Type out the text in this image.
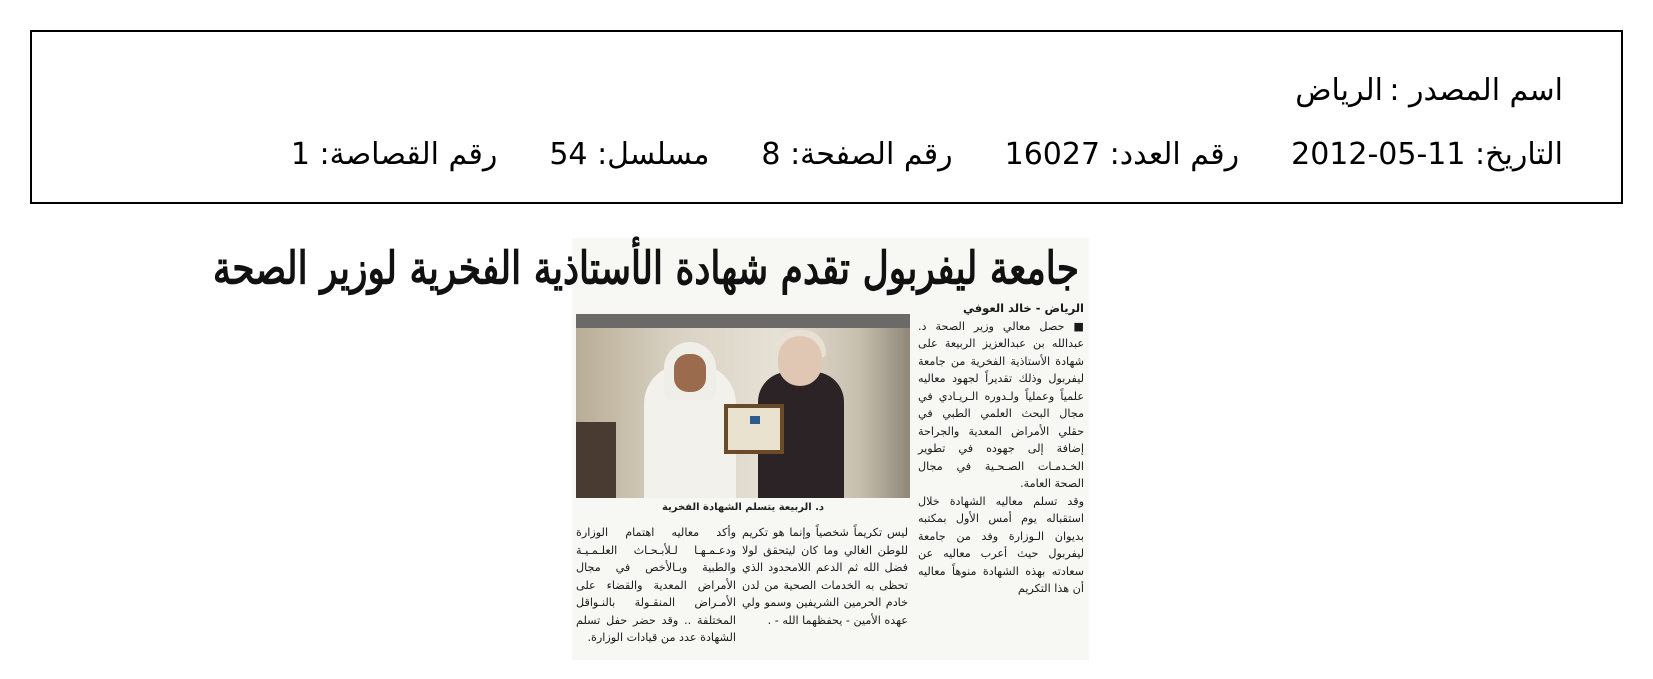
اسم المصدر :
الرياض
التاريخ:

2012-05-11
رقم العدد:

16027
رقم الصفحة:

8
مسلسل:

54
رقم القصاصة:

1
جامعة ليفربول تقدم شهادة الأستاذية الفخرية لوزير الصحة
د. الربيعة يتسلم الشهادة الفخرية

الرياض - خالد العوفي

■ حصل معالي وزير الصحة د. عبدالله بن عبدالعزيز الربيعة على شهادة الأستاذية الفخرية من جامعة ليفربول وذلك تقديراً لجهود معاليه علمياً وعملياً ولـدوره الـريـادي في مجال البحث العلمي الطبي في حقلي الأمراض المعدية والجراحة إضافة إلى جهوده في تطوير الخـدمـات الصـحـية في مجال الصحة العامة.

وقد تسلم معاليه الشهادة خلال استقباله يوم أمس الأول بمكتبه بديوان الـوزارة وفد من جامعة ليفربول حيث أعرب معاليه عن سعادته بهذه الشهادة منوهاً معاليه أن هذا التكريم

ليس تكريماً شخصياً وإنما هو تكريم للوطن الغالي وما كان ليتحقق لولا فضل الله ثم الدعم اللامحدود الذي تحظى به الخدمات الصحية من لدن خادم الحرمين الشريفين وسمو ولي عهده الأمين - يحفظهما الله - .

وأكد معاليه اهتمام الوزارة ودعـمـهـا لـلأبـحـاث العلـمـيـة والطبية وبـالأخص في مجال الأمراض المعدية والقضاء على الأمـراض المنقـولة بالنـواقل المختلفة .. وقد حضر حفل تسلم الشهادة عدد من قيادات الوزارة.
